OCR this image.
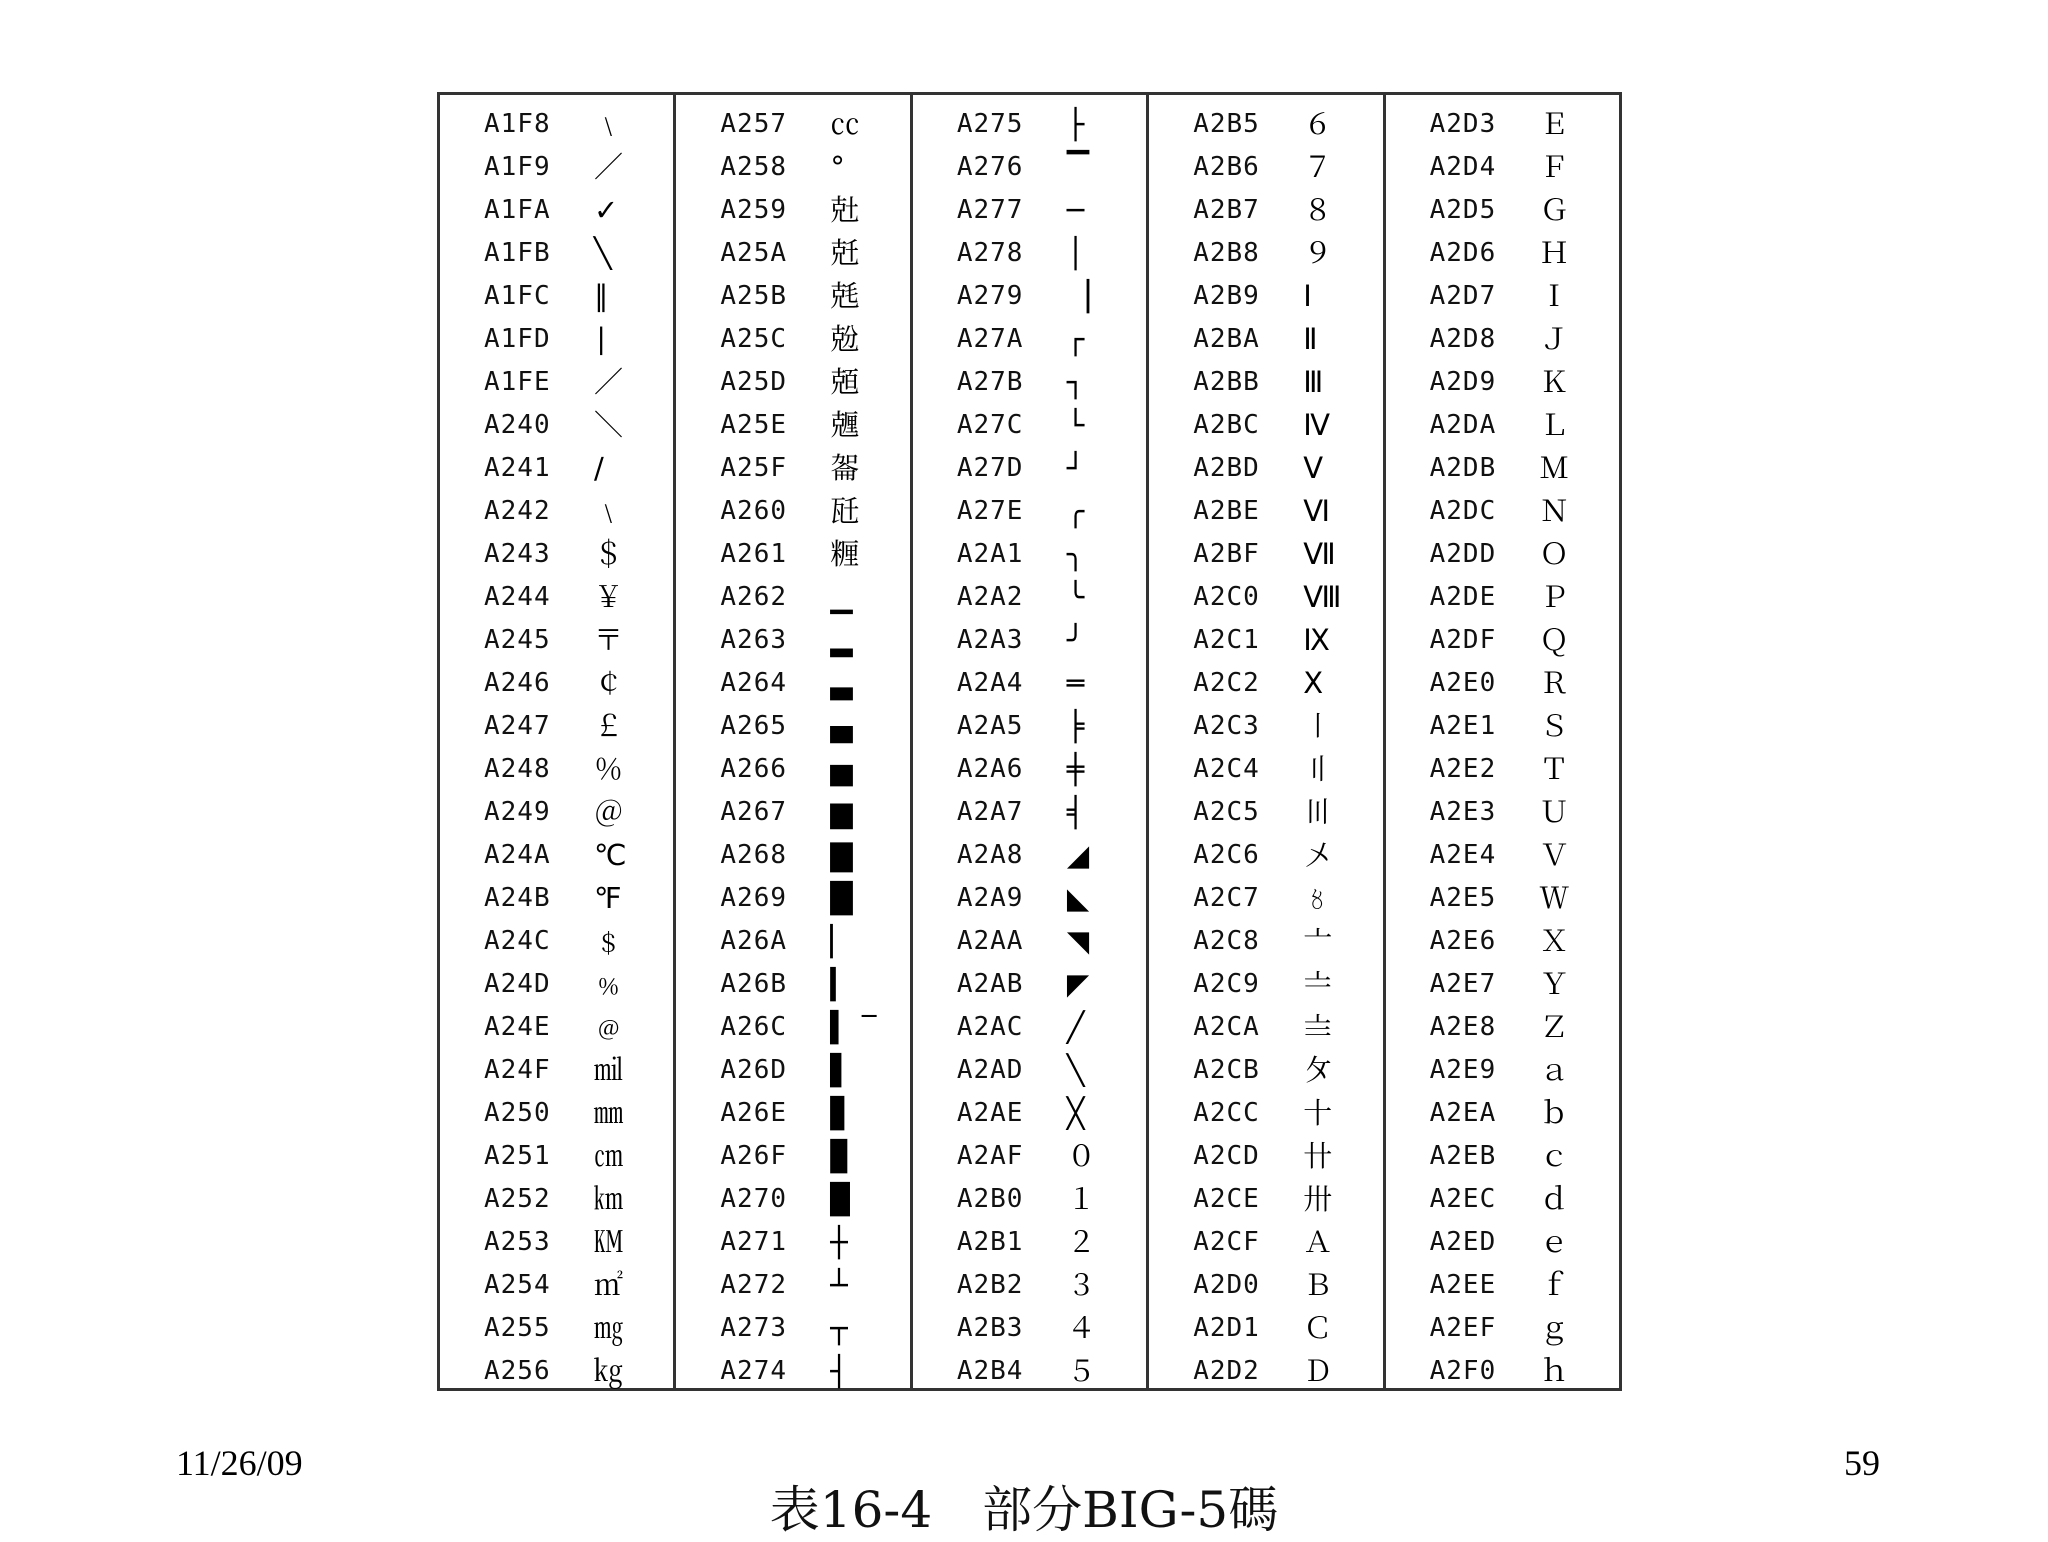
A1F8	﹨
A1F9	／
A1FA	✓
A1FB	╲
A1FC	∥
A1FD	∣
A1FE	／
A240	＼
A241	∕
A242	﹨
A243	＄
A244	￥
A245	〒
A246	￠
A247	￡
A248	％
A249	＠
A24A	℃
A24B	℉
A24C	﹩
A24D	﹪
A24E	﹫
A24F	㏕
A250	㎜
A251	㎝
A252	㎞
A253	㏎
A254	㎡
A255	㎎
A256	㎏
A257	㏄
A258	°
A259	兙
A25A	兛
A25B	兞
A25C	兝
A25D	兡
A25E	兣
A25F	嗧
A260	瓩
A261	糎
A262	▁
A263	▂
A264	▃
A265	▄
A266	▅
A267	▆
A268	▇
A269	█
A26A	▏
A26B	▎
A26C	▍ ‾
A26D	▌
A26E	▋
A26F	▊
A270	▉
A271	┼
A272	┴
A273	┬
A274	┤
A275	├
A276	▔
A277	─
A278	│
A279	▕
A27A	┌
A27B	┐
A27C	└
A27D	┘
A27E	╭
A2A1	╮
A2A2	╰
A2A3	╯
A2A4	═
A2A5	╞
A2A6	╪
A2A7	╡
A2A8	◢
A2A9	◣
A2AA	◥
A2AB	◤
A2AC	╱
A2AD	╲
A2AE	╳
A2AF	０
A2B0	１
A2B1	２
A2B2	３
A2B3	４
A2B4	５
A2B5	６
A2B6	７
A2B7	８
A2B8	９
A2B9	Ⅰ
A2BA	Ⅱ
A2BB	Ⅲ
A2BC	Ⅳ
A2BD	Ⅴ
A2BE	Ⅵ
A2BF	Ⅶ
A2C0	Ⅷ
A2C1	Ⅸ
A2C2	Ⅹ
A2C3	〡
A2C4	〢
A2C5	〣
A2C6	〤
A2C7	〥
A2C8	〦
A2C9	〧
A2CA	〨
A2CB	〩
A2CC	十
A2CD	卄
A2CE	卅
A2CF	Ａ
A2D0	Ｂ
A2D1	Ｃ
A2D2	Ｄ
A2D3	Ｅ
A2D4	Ｆ
A2D5	Ｇ
A2D6	Ｈ
A2D7	Ｉ
A2D8	Ｊ
A2D9	Ｋ
A2DA	Ｌ
A2DB	Ｍ
A2DC	Ｎ
A2DD	Ｏ
A2DE	Ｐ
A2DF	Ｑ
A2E0	Ｒ
A2E1	Ｓ
A2E2	Ｔ
A2E3	Ｕ
A2E4	Ｖ
A2E5	Ｗ
A2E6	Ｘ
A2E7	Ｙ
A2E8	Ｚ
A2E9	ａ
A2EA	ｂ
A2EB	ｃ
A2EC	ｄ
A2ED	ｅ
A2EE	ｆ
A2EF	ｇ
A2F0	ｈ
11/26/09	59
表16-4　部分BIG-5碼
